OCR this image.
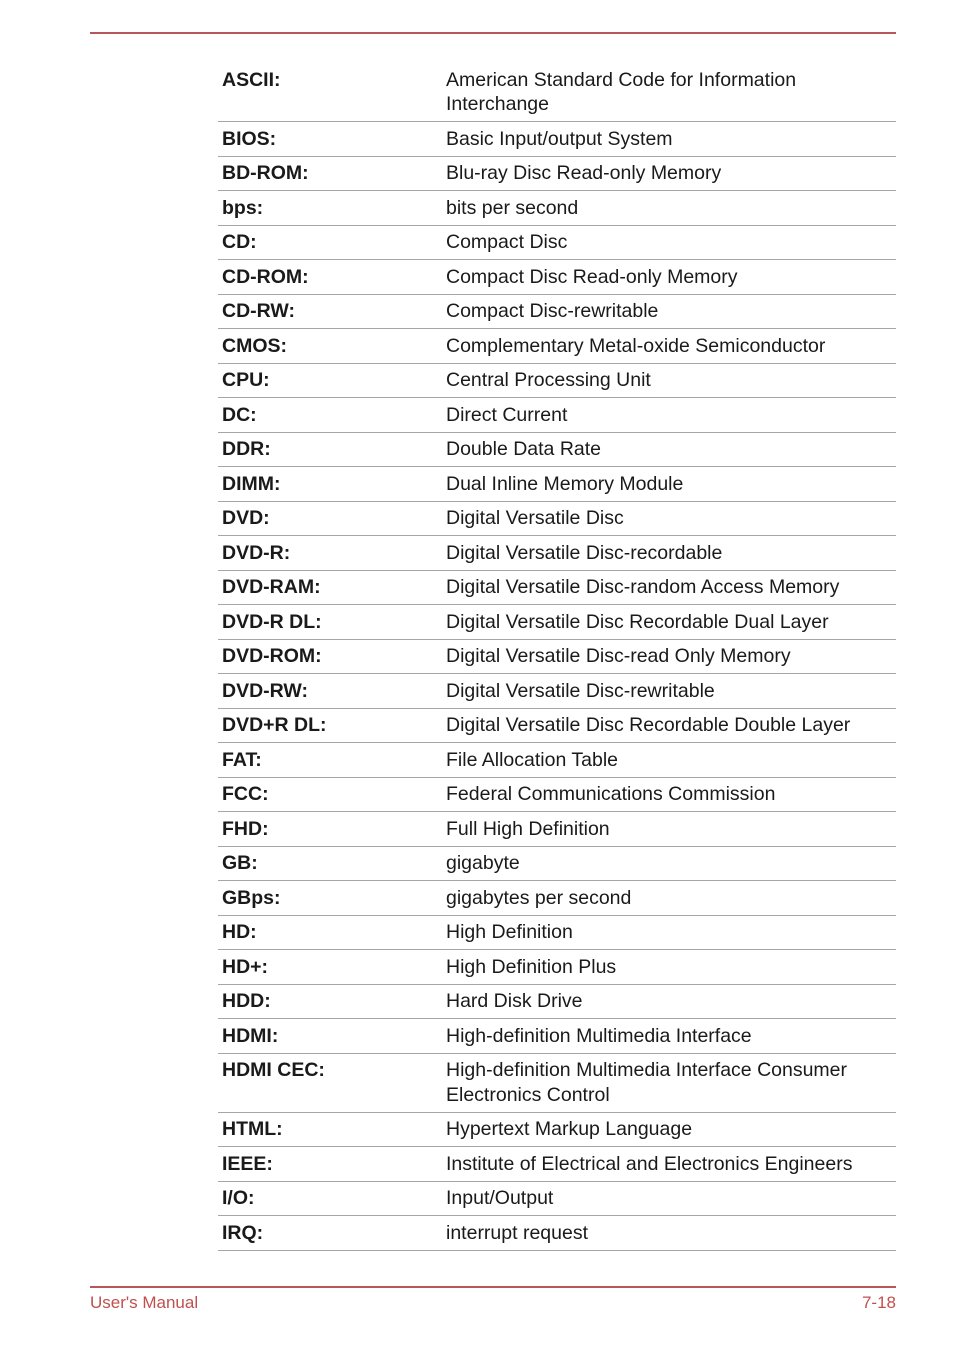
ASCII:	American Standard Code for Information Interchange
BIOS:	Basic Input/output System
BD-ROM:	Blu-ray Disc Read-only Memory
bps:	bits per second
CD:	Compact Disc
CD-ROM:	Compact Disc Read-only Memory
CD-RW:	Compact Disc-rewritable
CMOS:	Complementary Metal-oxide Semiconductor
CPU:	Central Processing Unit
DC:	Direct Current
DDR:	Double Data Rate
DIMM:	Dual Inline Memory Module
DVD:	Digital Versatile Disc
DVD-R:	Digital Versatile Disc-recordable
DVD-RAM:	Digital Versatile Disc-random Access Memory
DVD-R DL:	Digital Versatile Disc Recordable Dual Layer
DVD-ROM:	Digital Versatile Disc-read Only Memory
DVD-RW:	Digital Versatile Disc-rewritable
DVD+R DL:	Digital Versatile Disc Recordable Double Layer
FAT:	File Allocation Table
FCC:	Federal Communications Commission
FHD:	Full High Definition
GB:	gigabyte
GBps:	gigabytes per second
HD:	High Definition
HD+:	High Definition Plus
HDD:	Hard Disk Drive
HDMI:	High-definition Multimedia Interface
HDMI CEC:	High-definition Multimedia Interface Consumer Electronics Control
HTML:	Hypertext Markup Language
IEEE:	Institute of Electrical and Electronics Engineers
I/O:	Input/Output
IRQ:	interrupt request
User's Manual	7-18
